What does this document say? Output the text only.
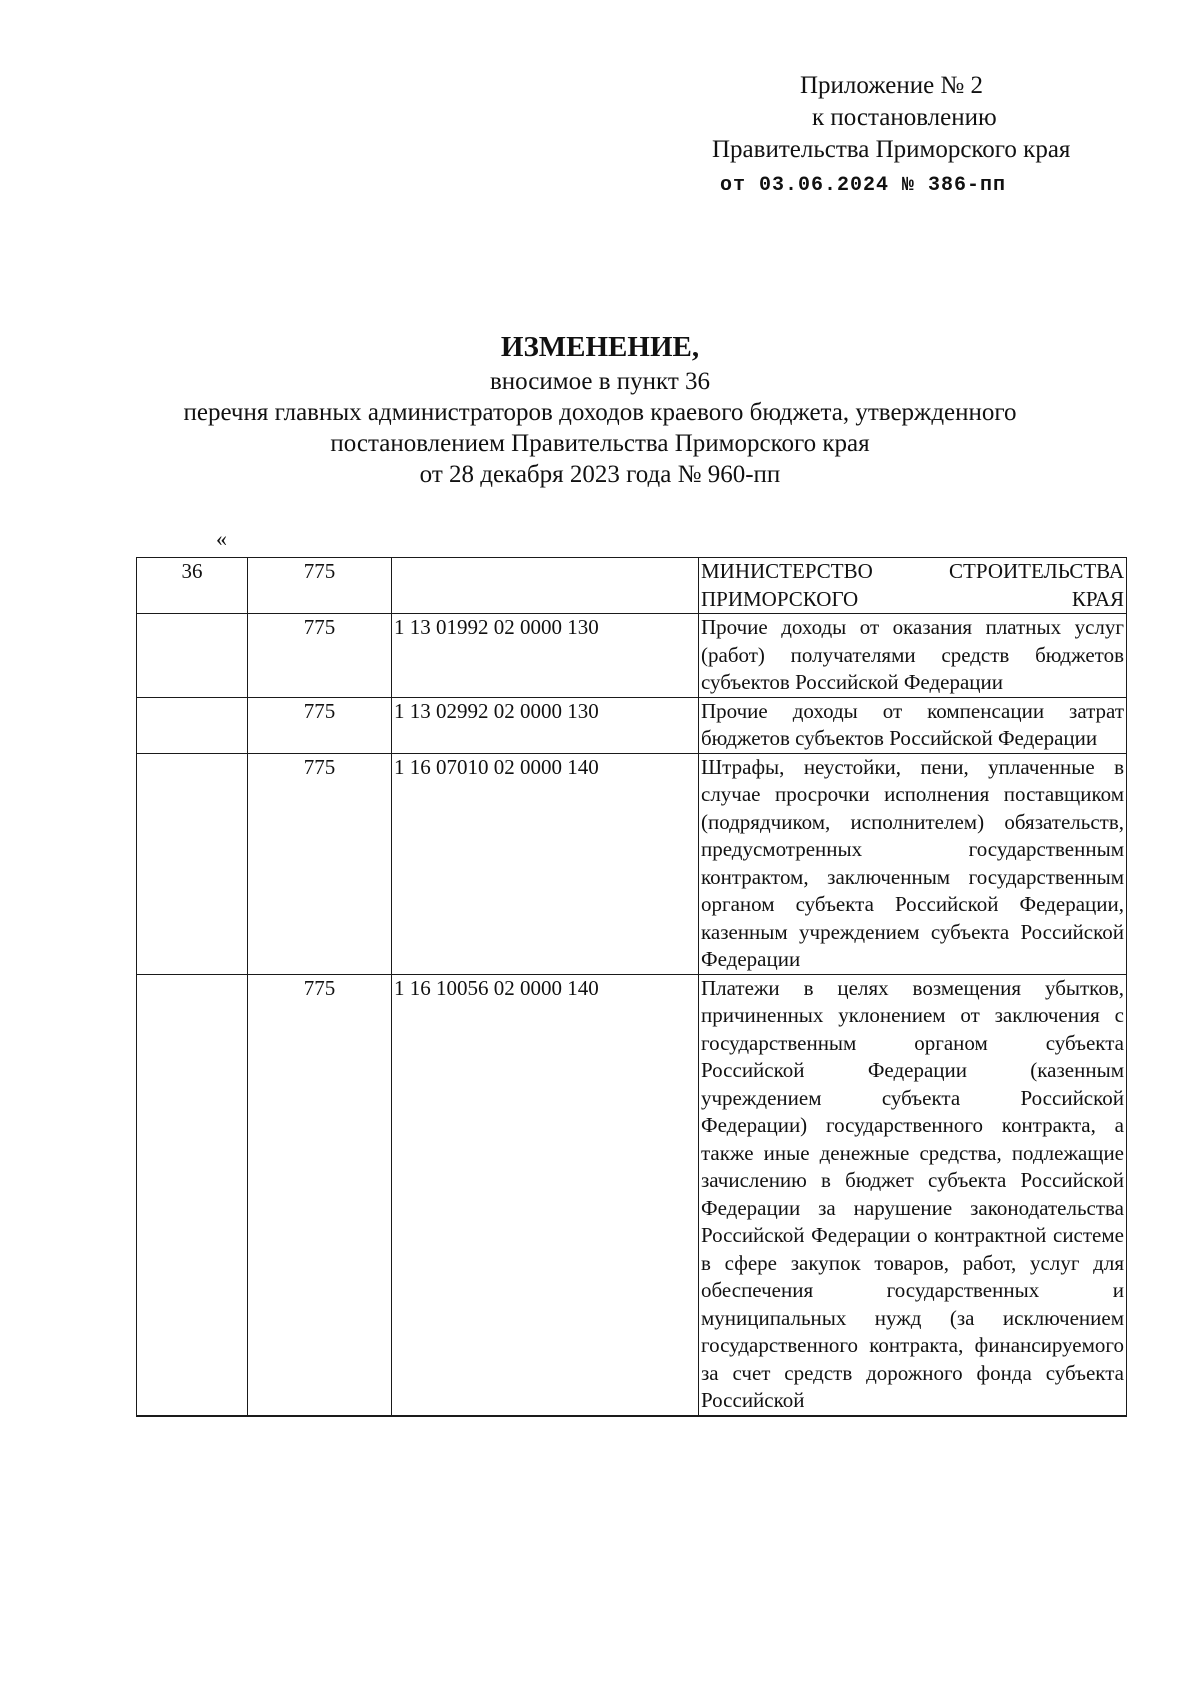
Приложение № 2
к постановлению
Правительства Приморского края
от 03.06.2024 № 386-пп
ИЗМЕНЕНИЕ,
вносимое в пункт 36
перечня главных администраторов доходов краевого бюджета, утвержденного
постановлением Правительства Приморского края
от 28 декабря 2023 года № 960-пп
«
36	775		МИНИСТЕРСТВО СТРОИТЕЛЬСТВА ПРИМОРСКОГО КРАЯ
	775	1 13 01992 02 0000 130	Прочие доходы от оказания платных услуг (работ) получателями средств бюджетов субъектов Российской Федерации
	775	1 13 02992 02 0000 130	Прочие доходы от компенсации затрат бюджетов субъектов Российской Федерации
	775	1 16 07010 02 0000 140	Штрафы, неустойки, пени, уплаченные в случае просрочки исполнения поставщиком (подрядчиком, исполнителем) обязательств, предусмотренных государственным контрактом, заключенным государственным органом субъекта Российской Федерации, казенным учреждением субъекта Российской Федерации
	775	1 16 10056 02 0000 140	Платежи в целях возмещения убытков, причиненных уклонением от заключения с государственным органом субъекта Российской Федерации (казенным учреждением субъекта Российской Федерации) государственного контракта, а также иные денежные средства, подлежащие зачислению в бюджет субъекта Российской Федерации за нарушение законодательства Российской Федерации о контрактной системе в сфере закупок товаров, работ, услуг для обеспечения государственных и муниципальных нужд (за исключением государственного контракта, финансируемого за счет средств дорожного фонда субъекта Российской
